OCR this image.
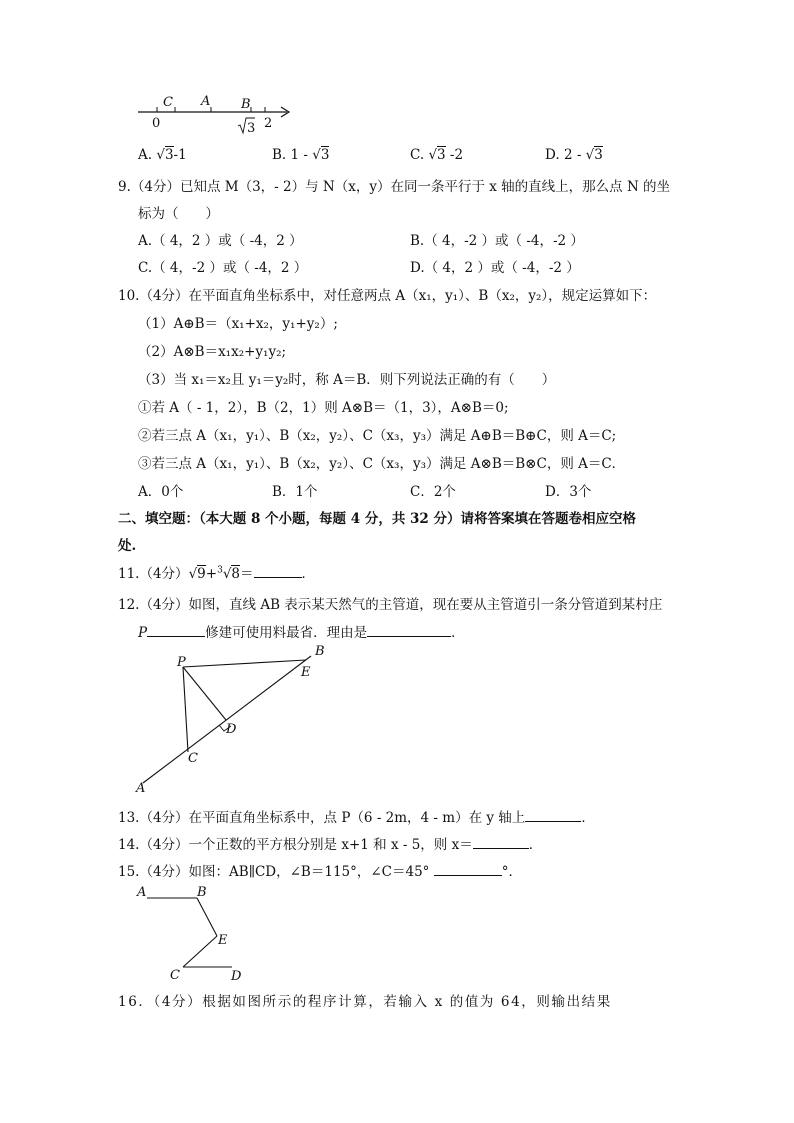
C A B
0	2
3
A. √3-1	B. 1 - √3	C. √3 -2	D. 2 - √3
9.（4分）已知点 M（3，- 2）与 N（x，y）在同一条平行于 x 轴的直线上，那么点 N 的坐
标为（　　）
A.（ 4，2 ）或（ -4，2 ）	B.（ 4，-2 ）或（ -4，-2 ）
C.（ 4，-2 ）或（ -4，2 ）	D.（ 4，2 ）或（ -4，-2 ）
10.（4分）在平面直角坐标系中，对任意两点 A（x₁，y₁）、B（x₂，y₂），规定运算如下：
（1）A⊕B＝（x₁+x₂，y₁+y₂）;
（2）A⊗B＝x₁x₂+y₁y₂;
（3）当 x₁＝x₂且 y₁＝y₂时，称 A＝B．则下列说法正确的有（　　）
①若 A（ - 1，2），B（2，1）则 A⊗B＝（1，3），A⊗B＝0;
②若三点 A（x₁，y₁）、B（x₂，y₂）、C（x₃，y₃）满足 A⊕B＝B⊕C，则 A＝C;
③若三点 A（x₁，y₁）、B（x₂，y₂）、C（x₃，y₃）满足 A⊗B＝B⊗C，则 A＝C．
A．0个	B．1个	C．2个	D．3个
二、填空题：（本大题 8 个小题，每题 4 分，共 32 分）请将答案填在答题卷相应空格
处.
11.（4分）√9+$^3$√8＝	．
12.（4分）如图，直线 AB 表示某天然气的主管道，现在要从主管道引一条分管道到某村庄
P	修建可使用料最省．理由是	．
P
B
E
D
C
A
13.（4分）在平面直角坐标系中，点 P（6 - 2m，4 - m）在 y 轴上	．
14.（4分）一个正数的平方根分别是 x+1 和 x - 5，则 x＝	．
15.（4分）如图：AB∥CD，∠B＝115°，∠C＝45°	°．
A	B
E
C	D
16．（4分）根据如图所示的程序计算，若输入 x 的值为 64，则输出结果
